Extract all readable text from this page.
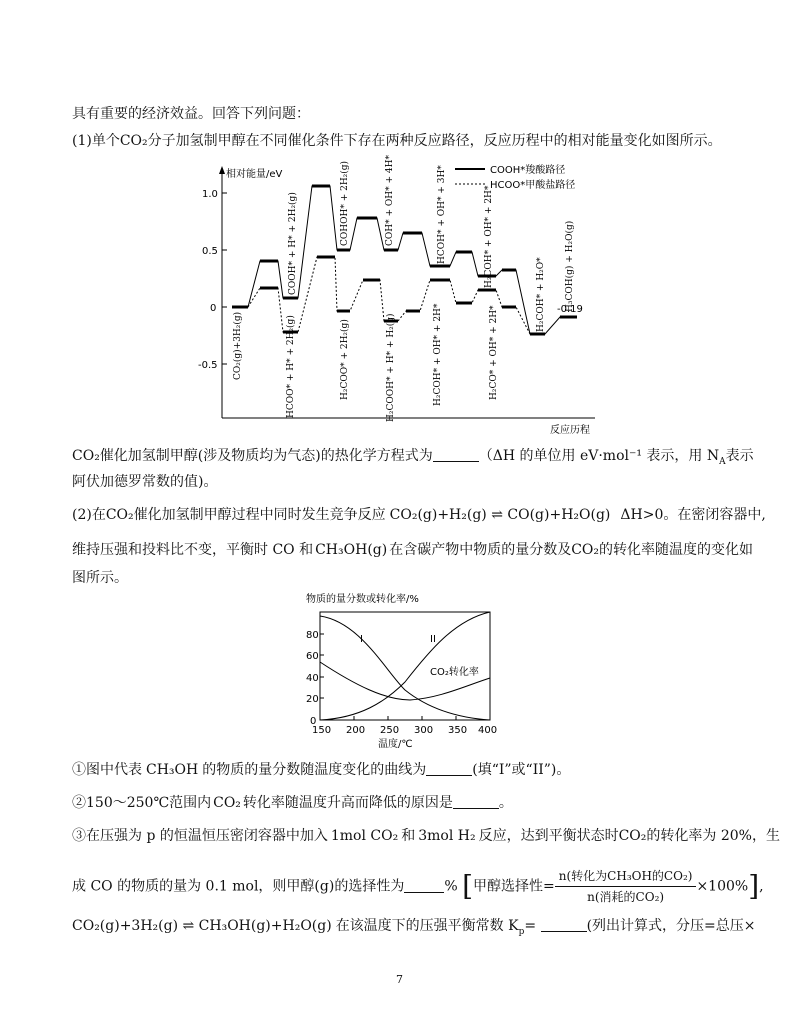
具有重要的经济效益。回答下列问题：
(1)单个CO₂分子加氢制甲醇在不同催化条件下存在两种反应路径，反应历程中的相对能量变化如图所示。
相对能量/eV
反应历程
1.0
0.5
0
-0.5
COOH*羧酸路径
HCOO*甲酸盐路径
-0.19
CO₂(g)+3H₂(g)
COOH* + H* + 2H₂(g)
HCOO* + H* + 2H₂(g)
COHOH* + 2H₂(g)
H₂COO* + 2H₂(g)
COH* + OH* + 4H*
H₂COOH* + H* + H₂(g)
HCOH* + OH* + 3H*
H₂COH* + OH* + 2H*
H₂COH* + OH* + 2H*
H₂CO* + OH* + 2H*
H₂COH* + H₂O* H₃COH(g) + H₂O(g)
CO₂催化加氢制甲醇(涉及物质均为气态)的热化学方程式为	（ΔH 的单位用 eV·mol⁻¹ 表示，用 $N_A$表示
阿伏加德罗常数的值)。
(2)在CO₂催化加氢制甲醇过程中同时发生竞争反应 CO₂(g)+H₂(g) ⇌ CO(g)+H₂O(g) ΔH>0。在密闭容器中,
维持压强和投料比不变，平衡时 CO 和 CH₃OH(g) 在含碳产物中物质的量分数及CO₂的转化率随温度的变化如
图所示。
物质的量分数或转化率/%
0
20
40
60
80
150 200 250 300 350 400
温度/℃
I	II
CO₂转化率
①图中代表 CH₃OH 的物质的量分数随温度变化的曲线为	(填“I”或“II”)。
②150～250℃范围内 CO₂ 转化率随温度升高而降低的原因是	。
③在压强为 p 的恒温恒压密闭容器中加入 1mol CO₂ 和 3mol H₂ 反应，达到平衡状态时CO₂的转化率为 20%，生
成 CO 的物质的量为 0.1 mol，则甲醇(g)的选择性为	% [甲醇选择性= $\frac{\text{n(转化为CH₃OH的CO₂)}}{\text{n(消耗的CO₂)}} \times 100\%$],
CO₂(g)+3H₂(g) ⇌ CH₃OH(g)+H₂O(g) 在该温度下的压强平衡常数 $K_p=$	(列出计算式，分压=总压×
7
